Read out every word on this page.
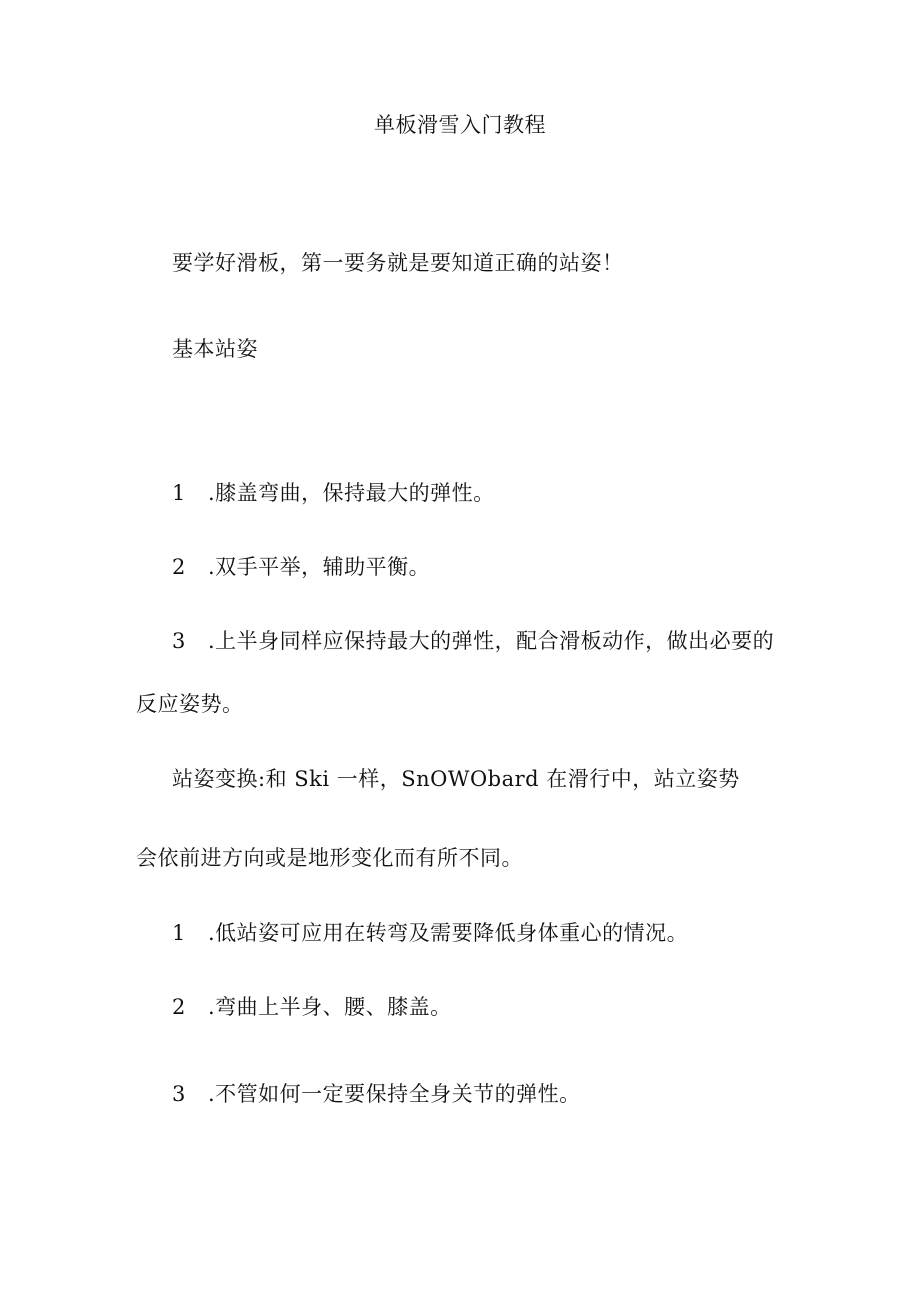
单板滑雪入门教程
要学好滑板，第一要务就是要知道正确的站姿！
基本站姿
1 .膝盖弯曲，保持最大的弹性。
2 .双手平举，辅助平衡。
3 .上半身同样应保持最大的弹性，配合滑板动作，做出必要的
反应姿势。
站姿变换:和 Ski 一样，SnOWObard 在滑行中，站立姿势
会依前进方向或是地形变化而有所不同。
1 .低站姿可应用在转弯及需要降低身体重心的情况。
2 .弯曲上半身、腰、膝盖。
3 .不管如何一定要保持全身关节的弹性。
